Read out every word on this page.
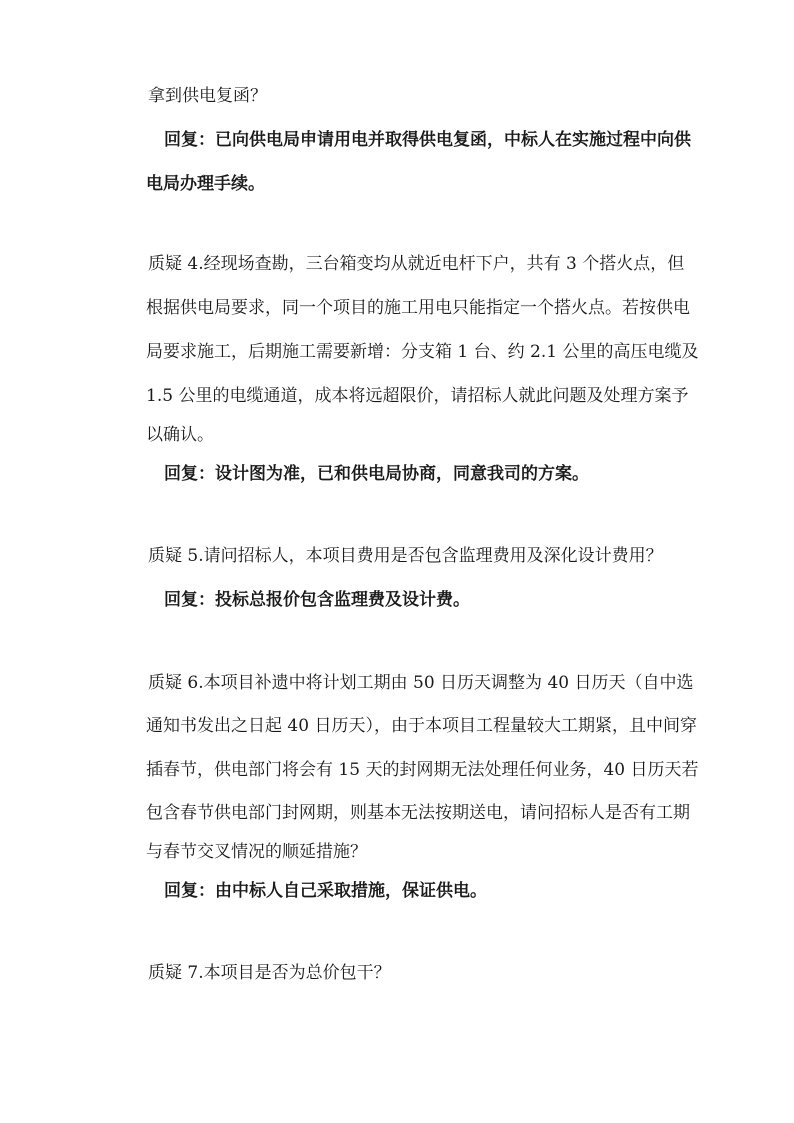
拿到供电复函？
回复：已向供电局申请用电并取得供电复函，中标人在实施过程中向供
电局办理手续。
质疑 4.经现场查勘，三台箱变均从就近电杆下户，共有 3 个搭火点，但
根据供电局要求，同一个项目的施工用电只能指定一个搭火点。若按供电
局要求施工，后期施工需要新增：分支箱 1 台、约 2.1 公里的高压电缆及
1.5 公里的电缆通道，成本将远超限价，请招标人就此问题及处理方案予
以确认。
回复：设计图为准，已和供电局协商，同意我司的方案。
质疑 5.请问招标人，本项目费用是否包含监理费用及深化设计费用？
回复：投标总报价包含监理费及设计费。
质疑 6.本项目补遗中将计划工期由 50 日历天调整为 40 日历天（自中选
通知书发出之日起 40 日历天），由于本项目工程量较大工期紧，且中间穿
插春节，供电部门将会有 15 天的封网期无法处理任何业务，40 日历天若
包含春节供电部门封网期，则基本无法按期送电，请问招标人是否有工期
与春节交叉情况的顺延措施？
回复：由中标人自己采取措施，保证供电。
质疑 7.本项目是否为总价包干？
